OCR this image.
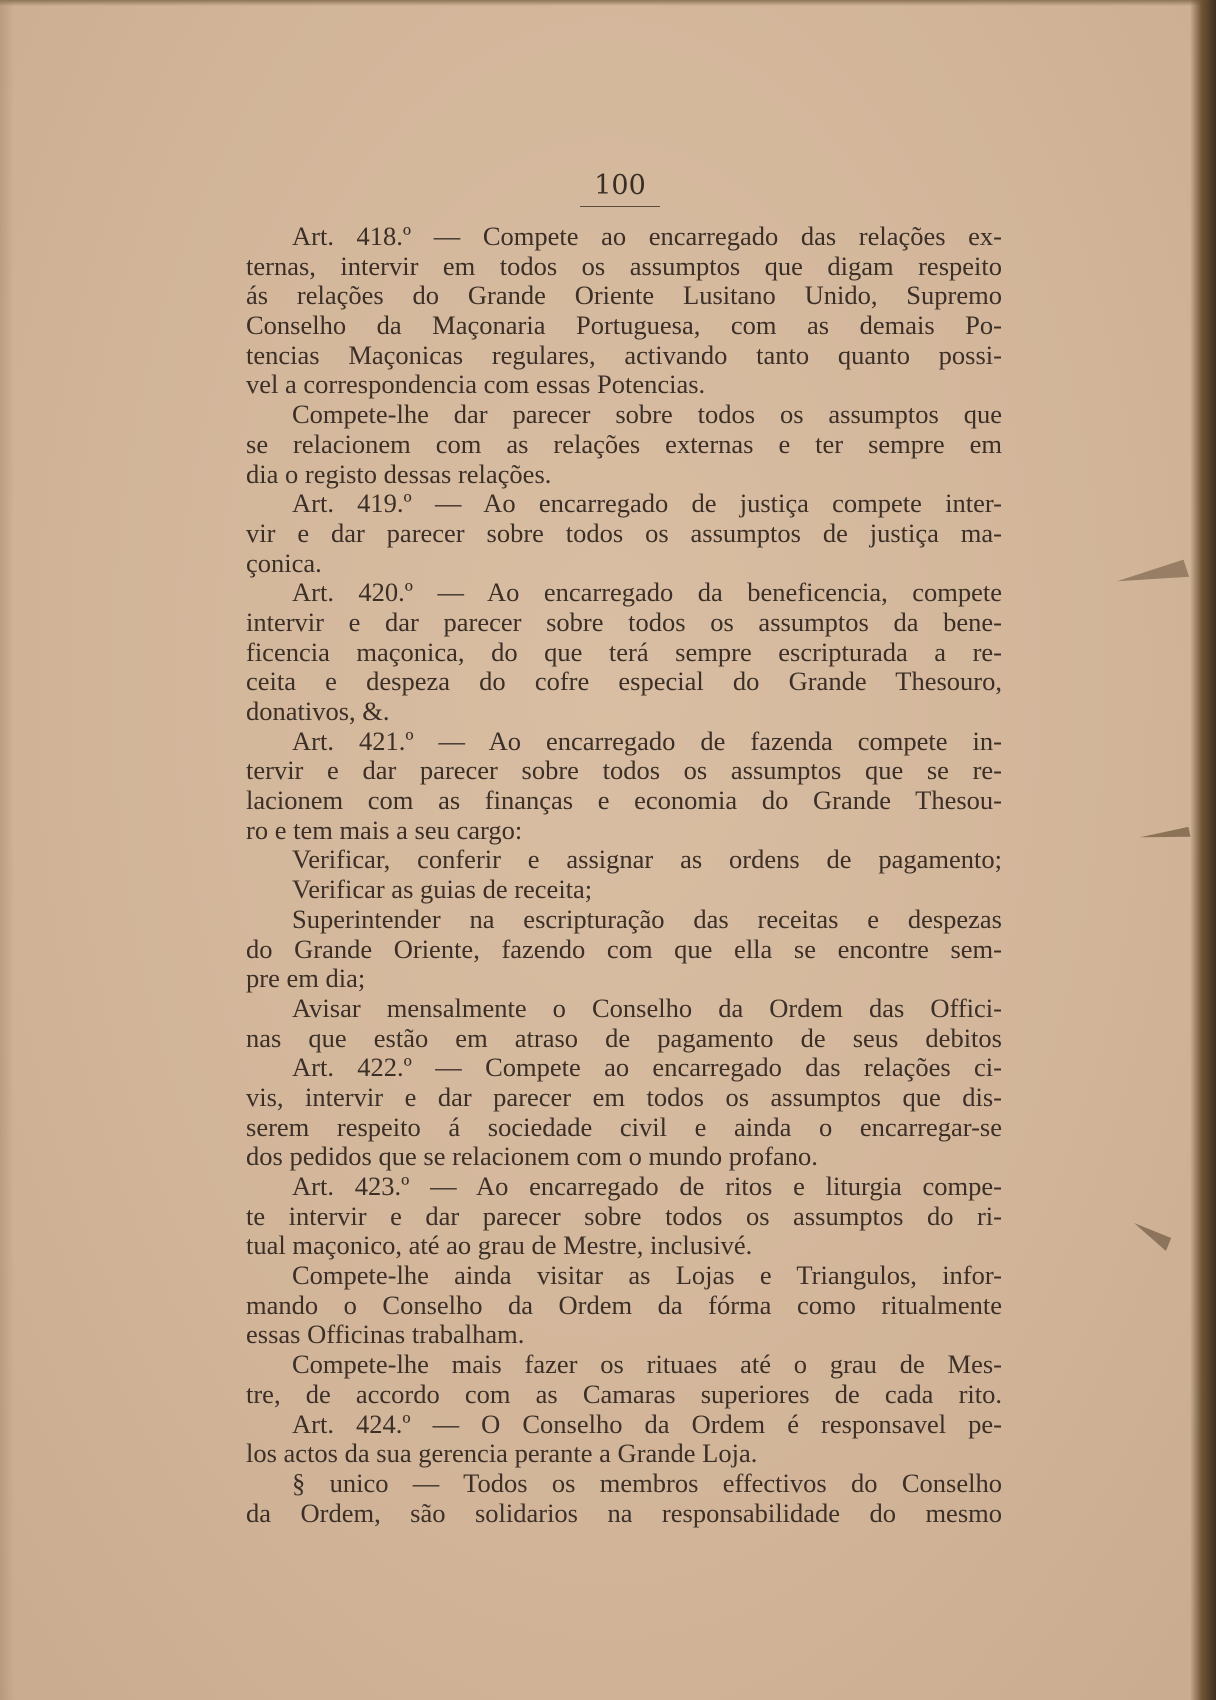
100
Art. 418.º — Compete ao encarregado das relações ex-
ternas, intervir em todos os assumptos que digam respeito
ás relações do Grande Oriente Lusitano Unido, Supremo
Conselho da Maçonaria Portuguesa, com as demais Po-
tencias Maçonicas regulares, activando tanto quanto possi-
vel a correspondencia com essas Potencias.
Compete-lhe dar parecer sobre todos os assumptos que
se relacionem com as relações externas e ter sempre em
dia o registo dessas relações.
Art. 419.º — Ao encarregado de justiça compete inter-
vir e dar parecer sobre todos os assumptos de justiça ma-
çonica.
Art. 420.º — Ao encarregado da beneficencia, compete
intervir e dar parecer sobre todos os assumptos da bene-
ficencia maçonica, do que terá sempre escripturada a re-
ceita e despeza do cofre especial do Grande Thesouro,
donativos, &.
Art. 421.º — Ao encarregado de fazenda compete in-
tervir e dar parecer sobre todos os assumptos que se re-
lacionem com as finanças e economia do Grande Thesou-
ro e tem mais a seu cargo:
Verificar, conferir e assignar as ordens de pagamento;
Verificar as guias de receita;
Superintender na escripturação das receitas e despezas
do Grande Oriente, fazendo com que ella se encontre sem-
pre em dia;
Avisar mensalmente o Conselho da Ordem das Offici-
nas que estão em atraso de pagamento de seus debitos
Art. 422.º — Compete ao encarregado das relações ci-
vis, intervir e dar parecer em todos os assumptos que dis-
serem respeito á sociedade civil e ainda o encarregar-se
dos pedidos que se relacionem com o mundo profano.
Art. 423.º — Ao encarregado de ritos e liturgia compe-
te intervir e dar parecer sobre todos os assumptos do ri-
tual maçonico, até ao grau de Mestre, inclusivé.
Compete-lhe ainda visitar as Lojas e Triangulos, infor-
mando o Conselho da Ordem da fórma como ritualmente
essas Officinas trabalham.
Compete-lhe mais fazer os rituaes até o grau de Mes-
tre, de accordo com as Camaras superiores de cada rito.
Art. 424.º — O Conselho da Ordem é responsavel pe-
los actos da sua gerencia perante a Grande Loja.
§ unico — Todos os membros effectivos do Conselho
da Ordem, são solidarios na responsabilidade do mesmo
